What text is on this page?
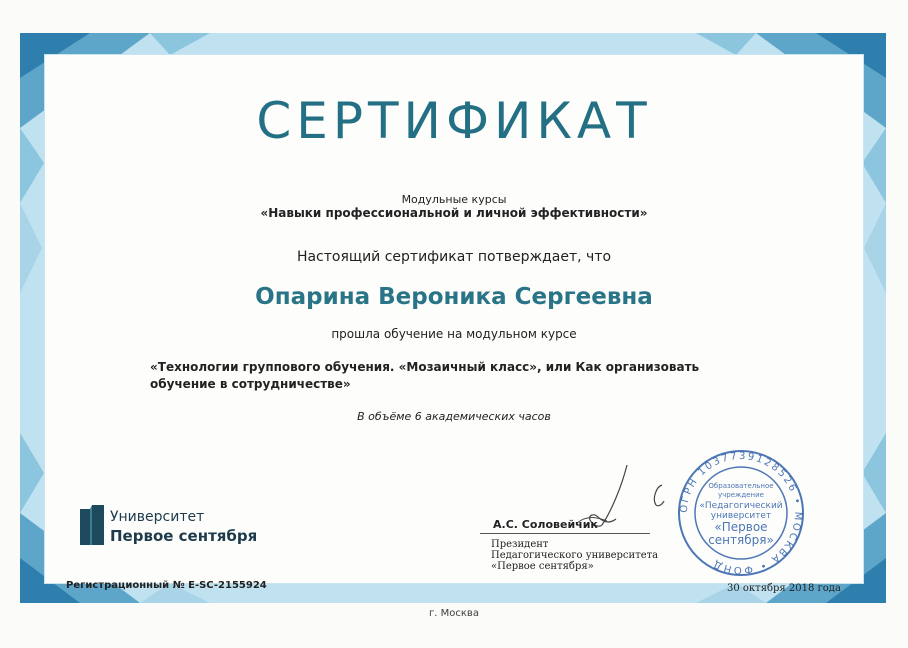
СЕРТИФИКАТ
Модульные курсы
«Навыки профессиональной и личной эффективности»
Настоящий сертификат потверждает, что
Опарина Вероника Сергеевна
прошла обучение на модульном курсе
«Технологии группового обучения. «Мозаичный класс», или Как организовать обучение в сотрудничестве»
В объёме 6 академических часов
Университет
Первое сентября
Регистрационный № E-SC-2155924
А.С. Соловейчик
Президент
Педагогического университета
«Первое сентября»
ОГРН 1037739128526 • МОСКВА • ФОНД
Образовательное
учреждение
«Педагогический
университет
«Первое
сентября»
30 октября 2018 года
г. Москва
